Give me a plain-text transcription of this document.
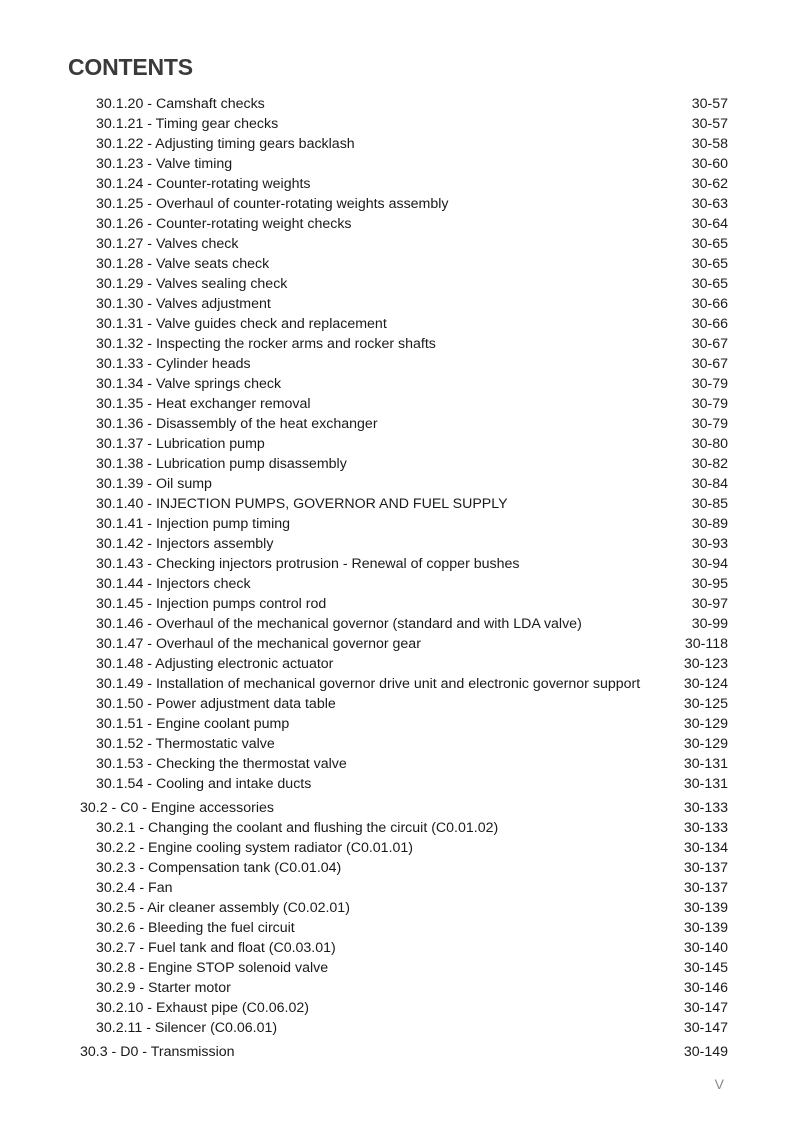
CONTENTS
30.1.20 - Camshaft checks	30-57
30.1.21 - Timing gear checks	30-57
30.1.22 - Adjusting timing gears backlash	30-58
30.1.23 - Valve timing	30-60
30.1.24 - Counter-rotating weights	30-62
30.1.25 - Overhaul of counter-rotating weights assembly	30-63
30.1.26 - Counter-rotating weight checks	30-64
30.1.27 - Valves check	30-65
30.1.28 - Valve seats check	30-65
30.1.29 - Valves sealing check	30-65
30.1.30 - Valves adjustment	30-66
30.1.31 - Valve guides check and replacement	30-66
30.1.32 - Inspecting the rocker arms and rocker shafts	30-67
30.1.33 - Cylinder heads	30-67
30.1.34 - Valve springs check	30-79
30.1.35 - Heat exchanger removal	30-79
30.1.36 - Disassembly of the heat exchanger	30-79
30.1.37 - Lubrication pump	30-80
30.1.38 - Lubrication pump disassembly	30-82
30.1.39 - Oil sump	30-84
30.1.40 - INJECTION PUMPS, GOVERNOR AND FUEL SUPPLY	30-85
30.1.41 - Injection pump timing	30-89
30.1.42 - Injectors assembly	30-93
30.1.43 - Checking injectors protrusion - Renewal of copper bushes	30-94
30.1.44 - Injectors check	30-95
30.1.45 - Injection pumps control rod	30-97
30.1.46 - Overhaul of the mechanical governor (standard and with LDA valve)	30-99
30.1.47 - Overhaul of the mechanical governor gear	30-118
30.1.48 - Adjusting electronic actuator	30-123
30.1.49 - Installation of mechanical governor drive unit and electronic governor support	30-124
30.1.50 - Power adjustment data table	30-125
30.1.51 - Engine coolant pump	30-129
30.1.52 - Thermostatic valve	30-129
30.1.53 - Checking the thermostat valve	30-131
30.1.54 - Cooling and intake ducts	30-131
30.2 - C0 - Engine accessories	30-133
30.2.1 - Changing the coolant and flushing the circuit (C0.01.02)	30-133
30.2.2 - Engine cooling system radiator (C0.01.01)	30-134
30.2.3 - Compensation tank (C0.01.04)	30-137
30.2.4 - Fan	30-137
30.2.5 - Air cleaner assembly (C0.02.01)	30-139
30.2.6 - Bleeding the fuel circuit	30-139
30.2.7 - Fuel tank and float (C0.03.01)	30-140
30.2.8 - Engine STOP solenoid valve	30-145
30.2.9 - Starter motor	30-146
30.2.10 - Exhaust pipe (C0.06.02)	30-147
30.2.11 - Silencer (C0.06.01)	30-147
30.3 - D0 - Transmission	30-149
V
